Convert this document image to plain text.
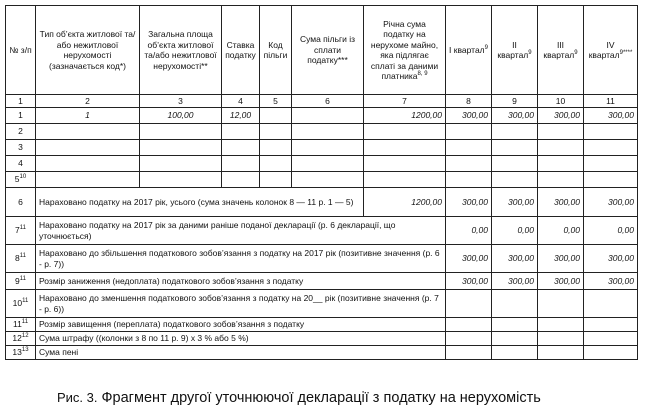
№ з/п	Тип об’єкта житлової та/або нежитлової нерухомості (зазначається код*)	Загальна площа об’єкта житлової та/або нежитлової нерухомості**	Ставка податку	Код пільги	Сума пільги із сплати податку***	Річна сума податку на нерухоме майно, яка підлягає сплаті за даними платника$^{8, 9}$	I квартал$^9$	II квартал$^9$	III квартал$^9$	IV квартал$^{9****}$
1	2	3	4	5	6	7	8	9	10	11
1	1	100,00	12,00			1200,00	300,00	300,00	300,00	300,00
2										
3										
4										
$5^{10}$										
6	Нараховано податку на 2017 рік, усього (сума значень колонок 8 — 11 р. 1 — 5)					1200,00	300,00	300,00	300,00	300,00
$7^{11}$	Нараховано податку на 2017 рік за даними раніше поданої декларації (р. 6 декларації, що уточнюється)						0,00	0,00	0,00	0,00
$8^{11}$	Нараховано до збільшення податкового зобов’язання з податку на 2017 рік (позитивне значення (р. 6 - р. 7))						300,00	300,00	300,00	300,00
$9^{11}$	Розмір заниження (недоплата) податкового зобов’язання з податку						300,00	300,00	300,00	300,00
$10^{11}$	Нараховано до зменшення податкового зобов’язання з податку на 20__ рік (позитивне значення (р. 7 - р. 6))									
$11^{11}$	Розмір завищення (переплата) податкового зобов’язання з податку									
$12^{12}$	Сума штрафу ((колонки з 8 по 11 р. 9) х 3 % або 5 %)									
$13^{13}$	Сума пені									
Рис. 3. Фрагмент другої уточнюючої декларації з податку на нерухомість
